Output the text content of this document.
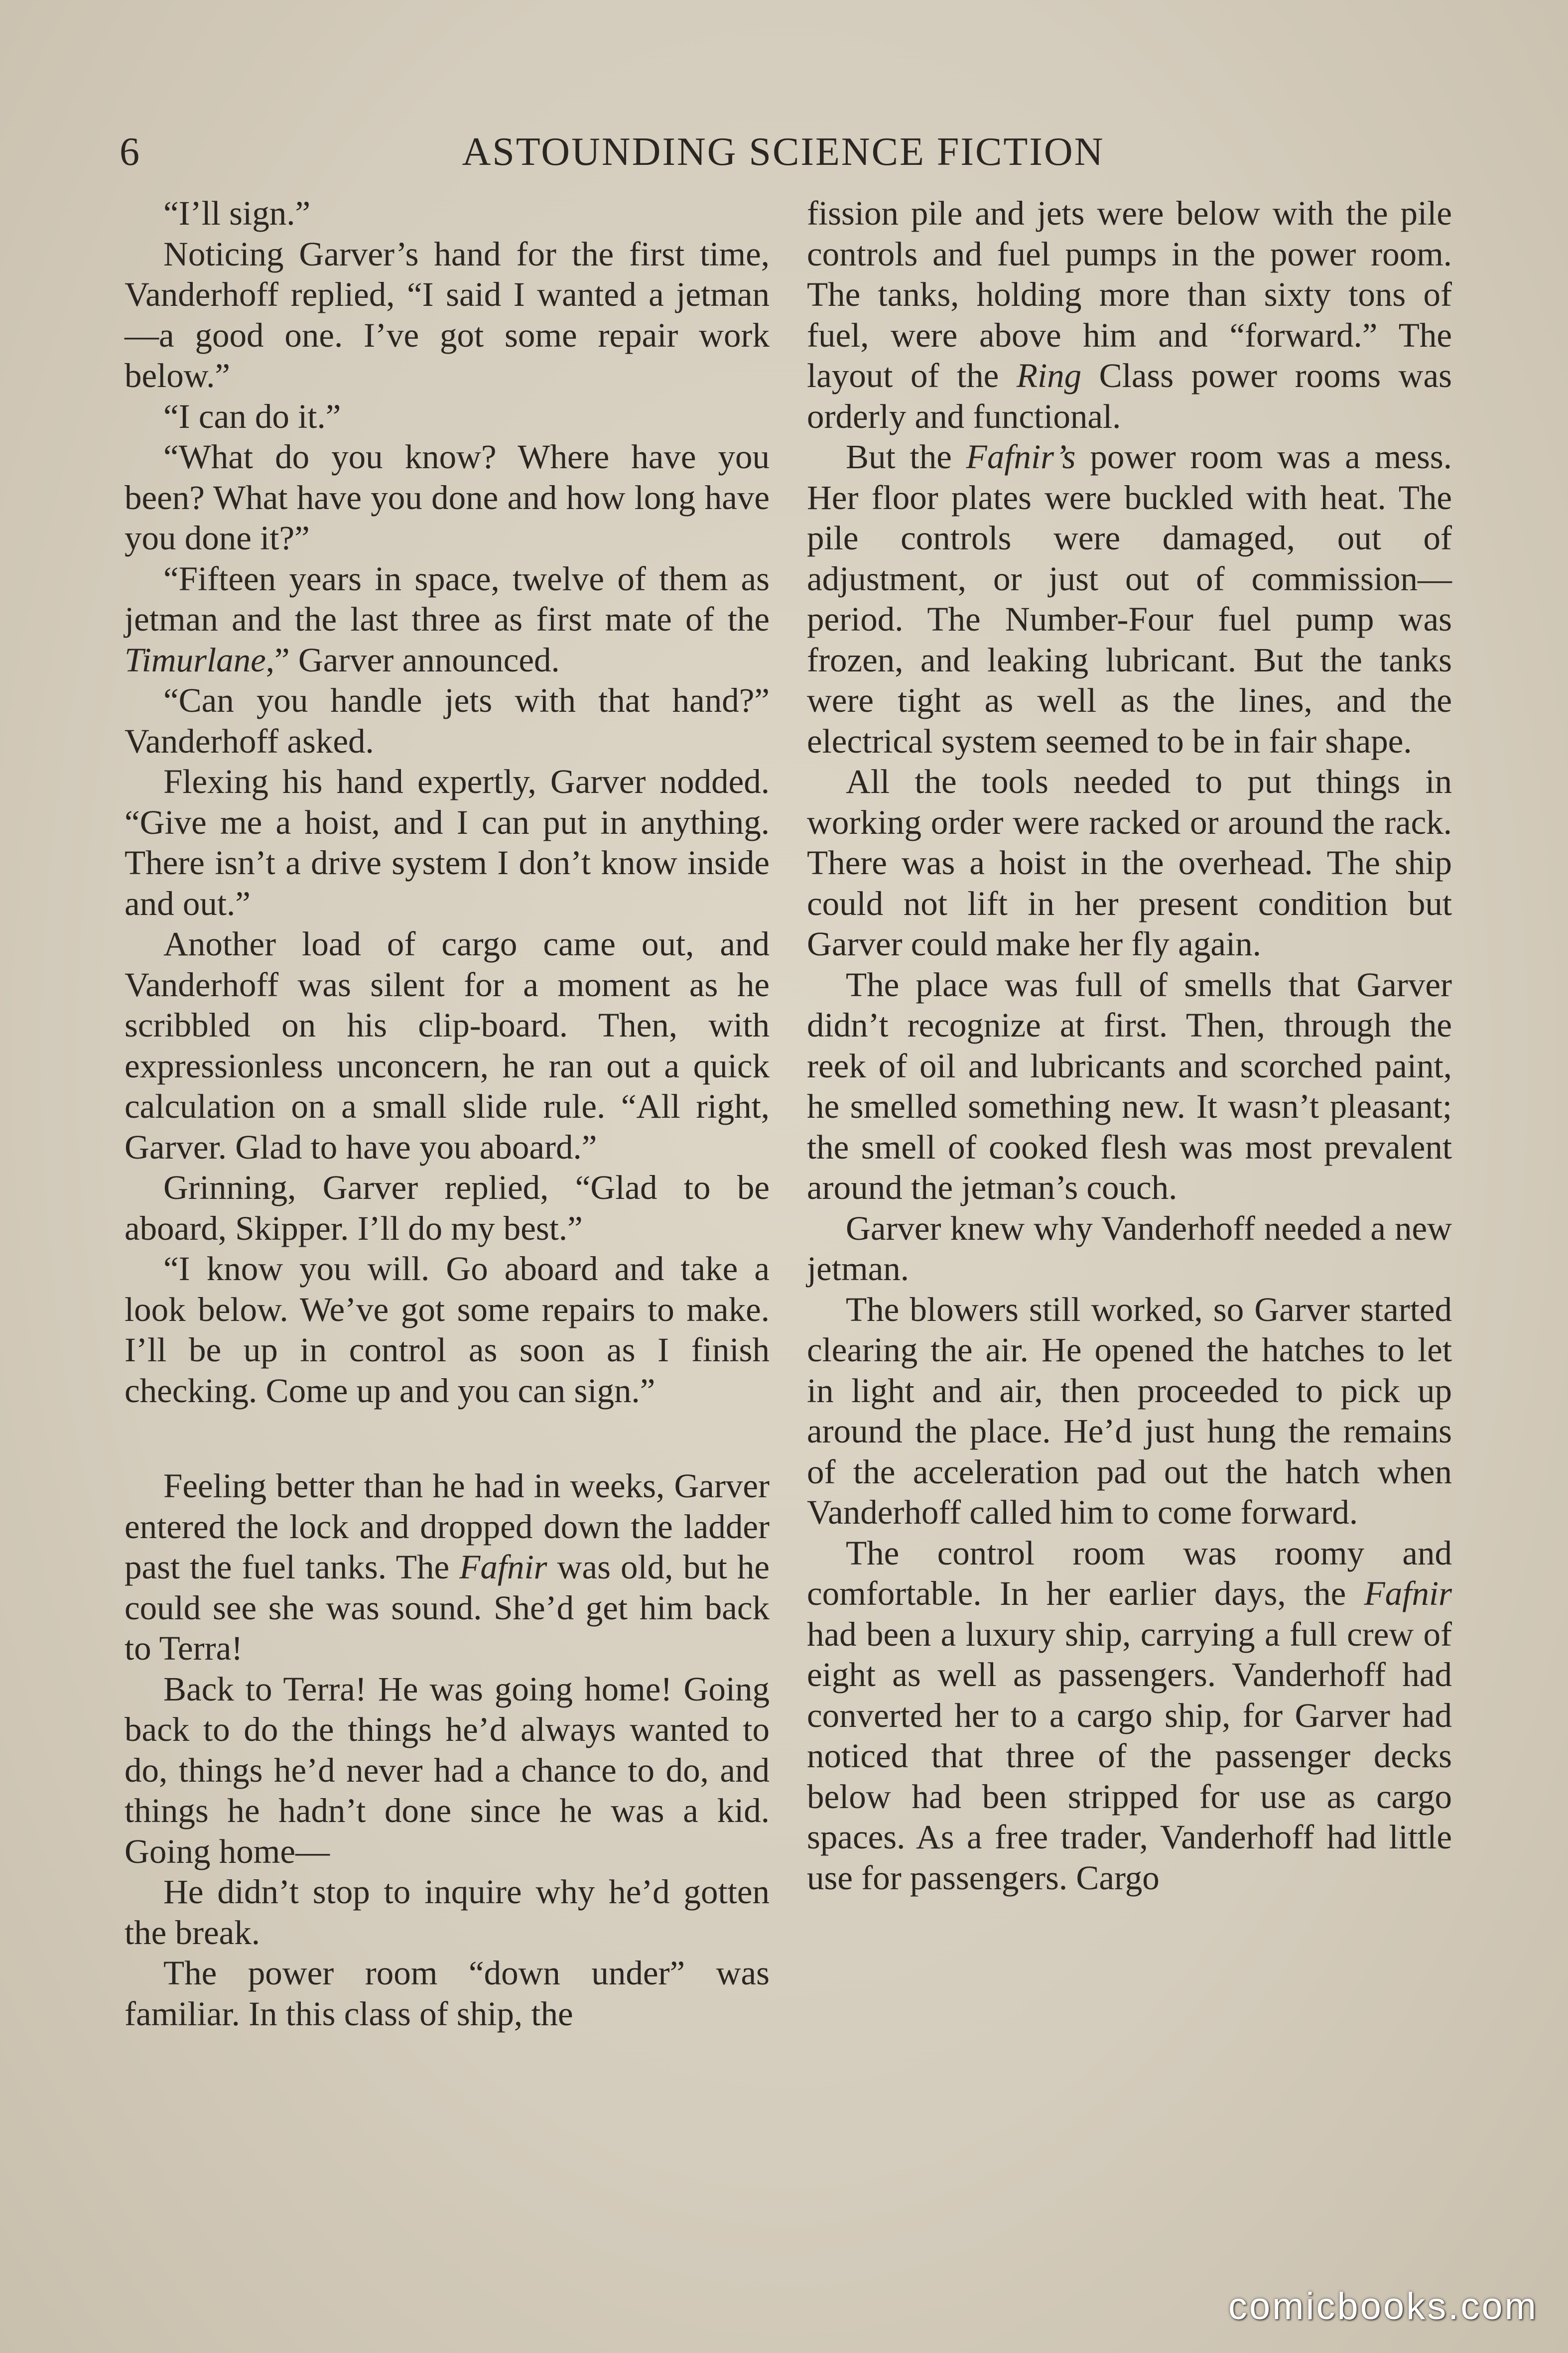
6	ASTOUNDING SCIENCE FICTION

“I’ll sign.”

Noticing Garver’s hand for the first time, Vanderhoff replied, “I said I wanted a jetman—a good one. I’ve got some repair work below.”

“I can do it.”

“What do you know? Where have you been? What have you done and how long have you done it?”

“Fifteen years in space, twelve of them as jetman and the last three as first mate of the Timurlane,” Garver announced.

“Can you handle jets with that hand?” Vanderhoff asked.

Flexing his hand expertly, Garver nodded. “Give me a hoist, and I can put in anything. There isn’t a drive system I don’t know inside and out.”

Another load of cargo came out, and Vanderhoff was silent for a moment as he scribbled on his clip-board. Then, with expressionless unconcern, he ran out a quick calculation on a small slide rule. “All right, Garver. Glad to have you aboard.”

Grinning, Garver replied, “Glad to be aboard, Skipper. I’ll do my best.”

“I know you will. Go aboard and take a look below. We’ve got some repairs to make. I’ll be up in control as soon as I finish checking. Come up and you can sign.”

Feeling better than he had in weeks, Garver entered the lock and dropped down the ladder past the fuel tanks. The Fafnir was old, but he could see she was sound. She’d get him back to Terra!

Back to Terra! He was going home! Going back to do the things he’d always wanted to do, things he’d never had a chance to do, and things he hadn’t done since he was a kid. Going home—

He didn’t stop to inquire why he’d gotten the break.

The power room “down under” was familiar. In this class of ship, the

fission pile and jets were below with the pile controls and fuel pumps in the power room. The tanks, holding more than sixty tons of fuel, were above him and “forward.” The layout of the Ring Class power rooms was orderly and functional.

But the Fafnir’s power room was a mess. Her floor plates were buckled with heat. The pile controls were damaged, out of adjustment, or just out of commission—period. The Number-Four fuel pump was frozen, and leaking lubricant. But the tanks were tight as well as the lines, and the electrical system seemed to be in fair shape.

All the tools needed to put things in working order were racked or around the rack. There was a hoist in the overhead. The ship could not lift in her present condition but Garver could make her fly again.

The place was full of smells that Garver didn’t recognize at first. Then, through the reek of oil and lubricants and scorched paint, he smelled something new. It wasn’t pleasant; the smell of cooked flesh was most prevalent around the jetman’s couch.

Garver knew why Vanderhoff needed a new jetman.

The blowers still worked, so Garver started clearing the air. He opened the hatches to let in light and air, then proceeded to pick up around the place. He’d just hung the remains of the acceleration pad out the hatch when Vanderhoff called him to come forward.

The control room was roomy and comfortable. In her earlier days, the Fafnir had been a luxury ship, carrying a full crew of eight as well as passengers. Vanderhoff had converted her to a cargo ship, for Garver had noticed that three of the passenger decks below had been stripped for use as cargo spaces. As a free trader, Vanderhoff had little use for passengers. Cargo

comicbooks.com
